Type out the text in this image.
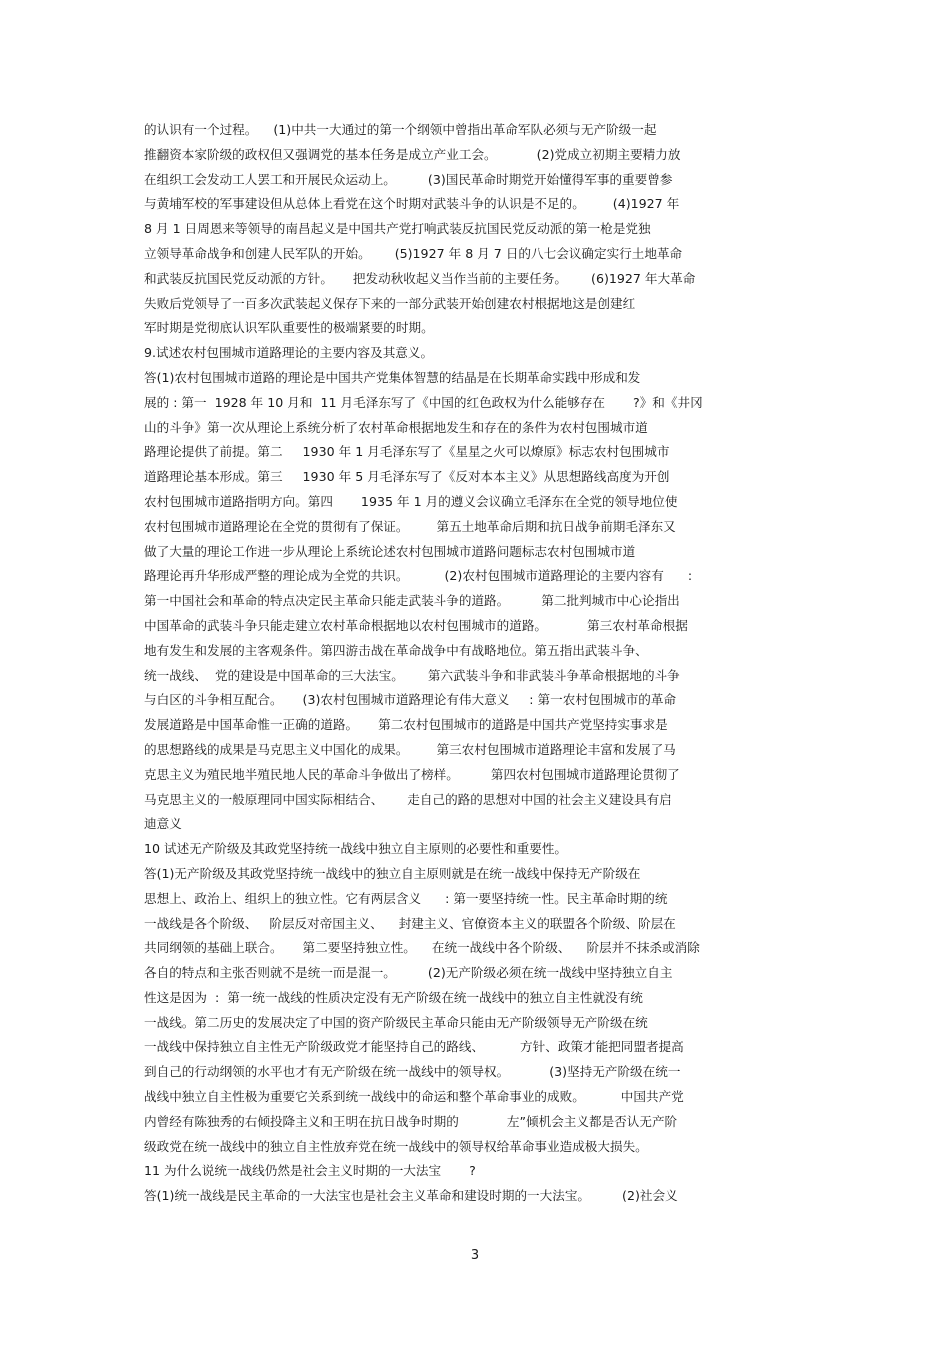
的认识有一个过程。    (1)中共一大通过的第一个纲领中曾指出革命军队必须与无产阶级一起
推翻资本家阶级的政权但又强调党的基本任务是成立产业工会。          (2)党成立初期主要精力放
在组织工会发动工人罢工和开展民众运动上。        (3)国民革命时期党开始懂得军事的重要曾参
与黄埔军校的军事建设但从总体上看党在这个时期对武装斗争的认识是不足的。       (4)1927 年
8 月 1 日周恩来等领导的南昌起义是中国共产党打响武装反抗国民党反动派的第一枪是党独
立领导革命战争和创建人民军队的开始。      (5)1927 年 8 月 7 日的八七会议确定实行土地革命
和武装反抗国民党反动派的方针。     把发动秋收起义当作当前的主要任务。      (6)1927 年大革命
失败后党领导了一百多次武装起义保存下来的一部分武装开始创建农村根据地这是创建红
军时期是党彻底认识军队重要性的极端紧要的时期。
9.试述农村包围城市道路理论的主要内容及其意义。
答(1)农村包围城市道路的理论是中国共产党集体智慧的结晶是在长期革命实践中形成和发
展的 : 第一  1928 年 10 月和  11 月毛泽东写了《中国的红色政权为什么能够存在       ?》和《井冈
山的斗争》第一次从理论上系统分析了农村革命根据地发生和存在的条件为农村包围城市道
路理论提供了前提。第二     1930 年 1 月毛泽东写了《星星之火可以燎原》标志农村包围城市
道路理论基本形成。第三     1930 年 5 月毛泽东写了《反对本本主义》从思想路线高度为开创
农村包围城市道路指明方向。第四       1935 年 1 月的遵义会议确立毛泽东在全党的领导地位使
农村包围城市道路理论在全党的贯彻有了保证。       第五土地革命后期和抗日战争前期毛泽东又
做了大量的理论工作进一步从理论上系统论述农村包围城市道路问题标志农村包围城市道
路理论再升华形成严整的理论成为全党的共识。         (2)农村包围城市道路理论的主要内容有      :
第一中国社会和革命的特点决定民主革命只能走武装斗争的道路。        第二批判城市中心论指出
中国革命的武装斗争只能走建立农村革命根据地以农村包围城市的道路。          第三农村革命根据
地有发生和发展的主客观条件。第四游击战在革命战争中有战略地位。第五指出武装斗争、
统一战线、  党的建设是中国革命的三大法宝。      第六武装斗争和非武装斗争革命根据地的斗争
与白区的斗争相互配合。     (3)农村包围城市道路理论有伟大意义     : 第一农村包围城市的革命
发展道路是中国革命惟一正确的道路。     第二农村包围城市的道路是中国共产党坚持实事求是
的思想路线的成果是马克思主义中国化的成果。       第三农村包围城市道路理论丰富和发展了马
克思主义为殖民地半殖民地人民的革命斗争做出了榜样。        第四农村包围城市道路理论贯彻了
马克思主义的一般原理同中国实际相结合、      走自己的路的思想对中国的社会主义建设具有启
迪意义
10 试述无产阶级及其政党坚持统一战线中独立自主原则的必要性和重要性。
答(1)无产阶级及其政党坚持统一战线中的独立自主原则就是在统一战线中保持无产阶级在
思想上、政治上、组织上的独立性。它有两层含义      : 第一要坚持统一性。民主革命时期的统
一战线是各个阶级、   阶层反对帝国主义、    封建主义、官僚资本主义的联盟各个阶级、阶层在
共同纲领的基础上联合。     第二要坚持独立性。    在统一战线中各个阶级、    阶层并不抹杀或消除
各自的特点和主张否则就不是统一而是混一。        (2)无产阶级必须在统一战线中坚持独立自主
性这是因为  :  第一统一战线的性质决定没有无产阶级在统一战线中的独立自主性就没有统
一战线。第二历史的发展决定了中国的资产阶级民主革命只能由无产阶级领导无产阶级在统
一战线中保持独立自主性无产阶级政党才能坚持自己的路线、         方针、政策才能把同盟者提高
到自己的行动纲领的水平也才有无产阶级在统一战线中的领导权。          (3)坚持无产阶级在统一
战线中独立自主性极为重要它关系到统一战线中的命运和整个革命事业的成败。         中国共产党
内曾经有陈独秀的右倾投降主义和王明在抗日战争时期的            左”倾机会主义都是否认无产阶
级政党在统一战线中的独立自主性放弃党在统一战线中的领导权给革命事业造成极大损失。
11 为什么说统一战线仍然是社会主义时期的一大法宝       ?
答(1)统一战线是民主革命的一大法宝也是社会主义革命和建设时期的一大法宝。        (2)社会义
3
